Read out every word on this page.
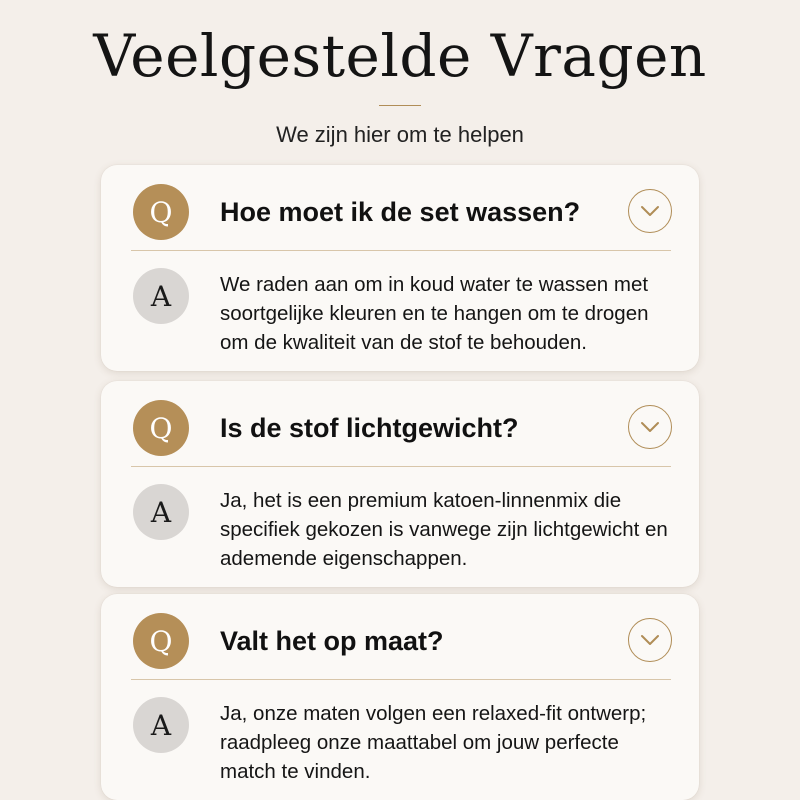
Veelgestelde Vragen

We zijn hier om te helpen

Q	Hoe moet ik de set wassen?
A	We raden aan om in koud water te wassen met soortgelijke kleuren en te hangen om te drogen om de kwaliteit van de stof te behouden.
Q	Is de stof lichtgewicht?
A	Ja, het is een premium katoen-linnenmix die specifiek gekozen is vanwege zijn lichtgewicht en ademende eigenschappen.
Q	Valt het op maat?
A	Ja, onze maten volgen een relaxed-fit ontwerp; raadpleeg onze maattabel om jouw perfecte match te vinden.
